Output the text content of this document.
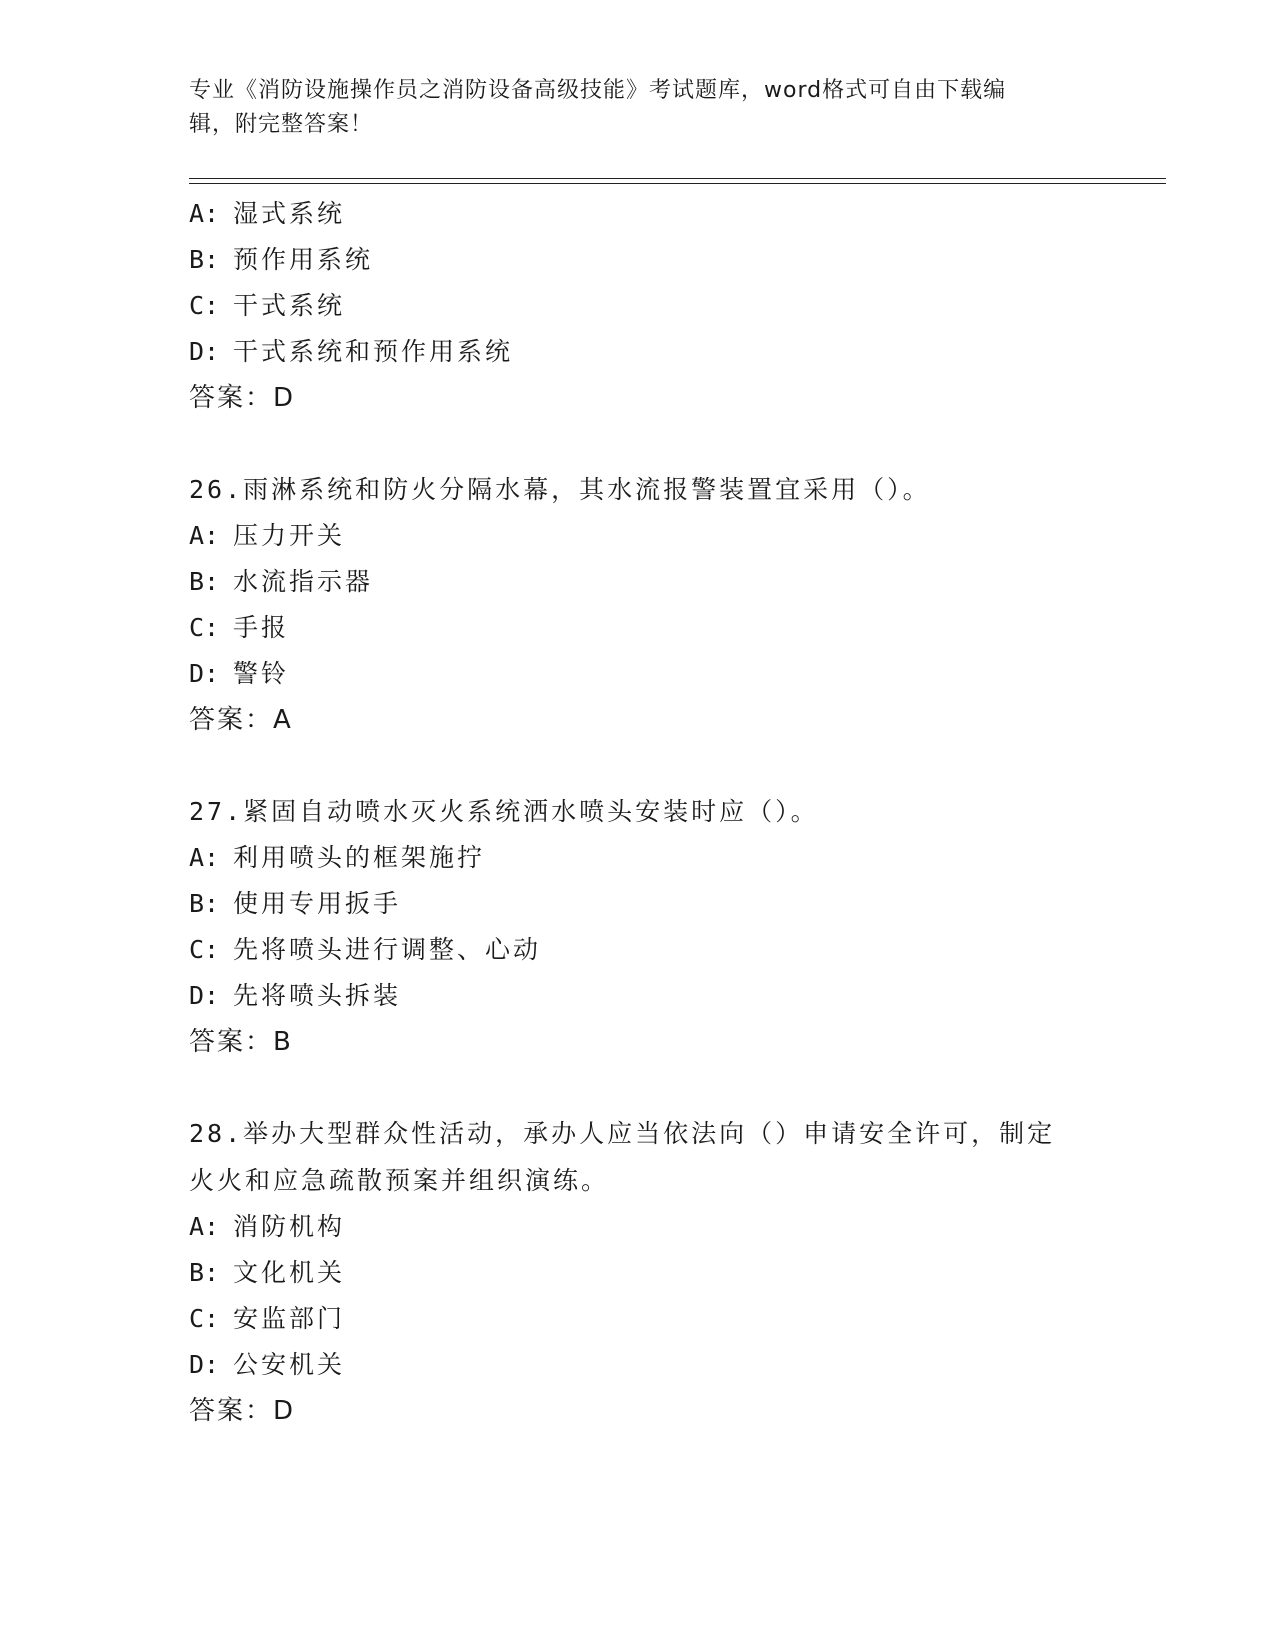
专业《消防设施操作员之消防设备高级技能》考试题库，word格式可自由下载编
辑，附完整答案！
A: 湿式系统
B: 预作用系统
C: 干式系统
D: 干式系统和预作用系统
答案：D
26.雨淋系统和防火分隔水幕，其水流报警装置宜采用（）。
A: 压力开关
B: 水流指示器
C: 手报
D: 警铃
答案：A
27.紧固自动喷水灭火系统洒水喷头安装时应（）。
A: 利用喷头的框架施拧
B: 使用专用扳手
C: 先将喷头进行调整、心动
D: 先将喷头拆装
答案：B
28.举办大型群众性活动，承办人应当依法向（）申请安全许可，制定
火火和应急疏散预案并组织演练。
A: 消防机构
B: 文化机关
C: 安监部门
D: 公安机关
答案：D
